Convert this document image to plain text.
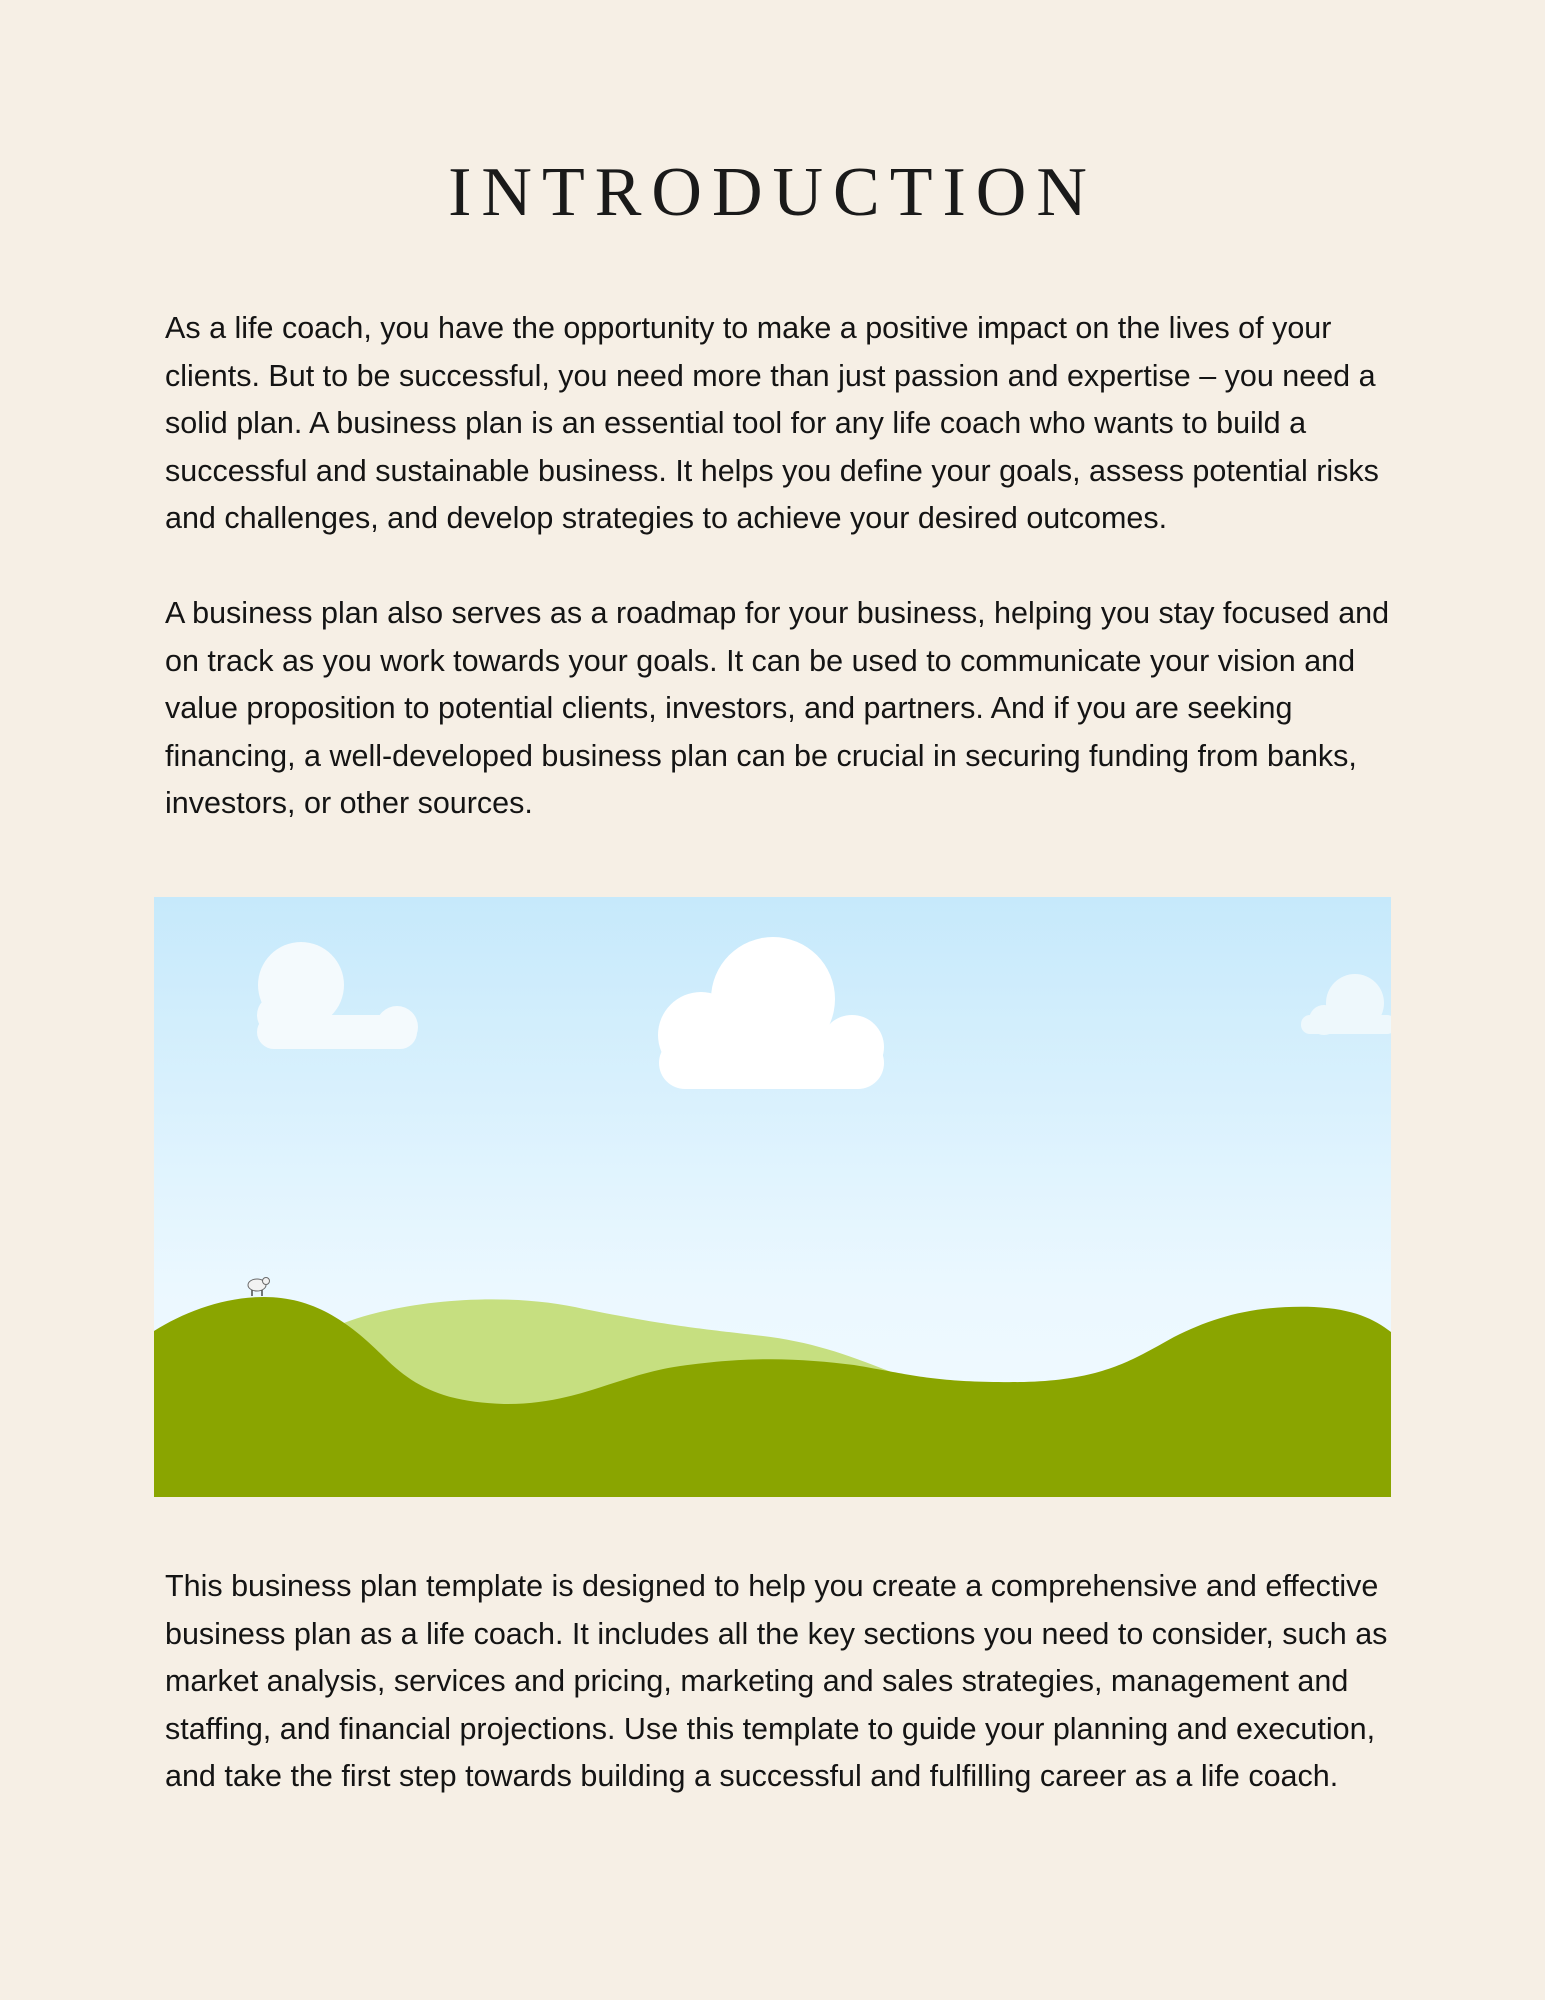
INTRODUCTION

As a life coach, you have the opportunity to make a positive impact on the lives of your clients. But to be successful, you need more than just passion and expertise – you need a solid plan. A business plan is an essential tool for any life coach who wants to build a successful and sustainable business. It helps you define your goals, assess potential risks and challenges, and develop strategies to achieve your desired outcomes.

A business plan also serves as a roadmap for your business, helping you stay focused and on track as you work towards your goals. It can be used to communicate your vision and value proposition to potential clients, investors, and partners. And if you are seeking financing, a well-developed business plan can be crucial in securing funding from banks, investors, or other sources.

This business plan template is designed to help you create a comprehensive and effective business plan as a life coach. It includes all the key sections you need to consider, such as market analysis, services and pricing, marketing and sales strategies, management and staffing, and financial projections. Use this template to guide your planning and execution, and take the first step towards building a successful and fulfilling career as a life coach.
